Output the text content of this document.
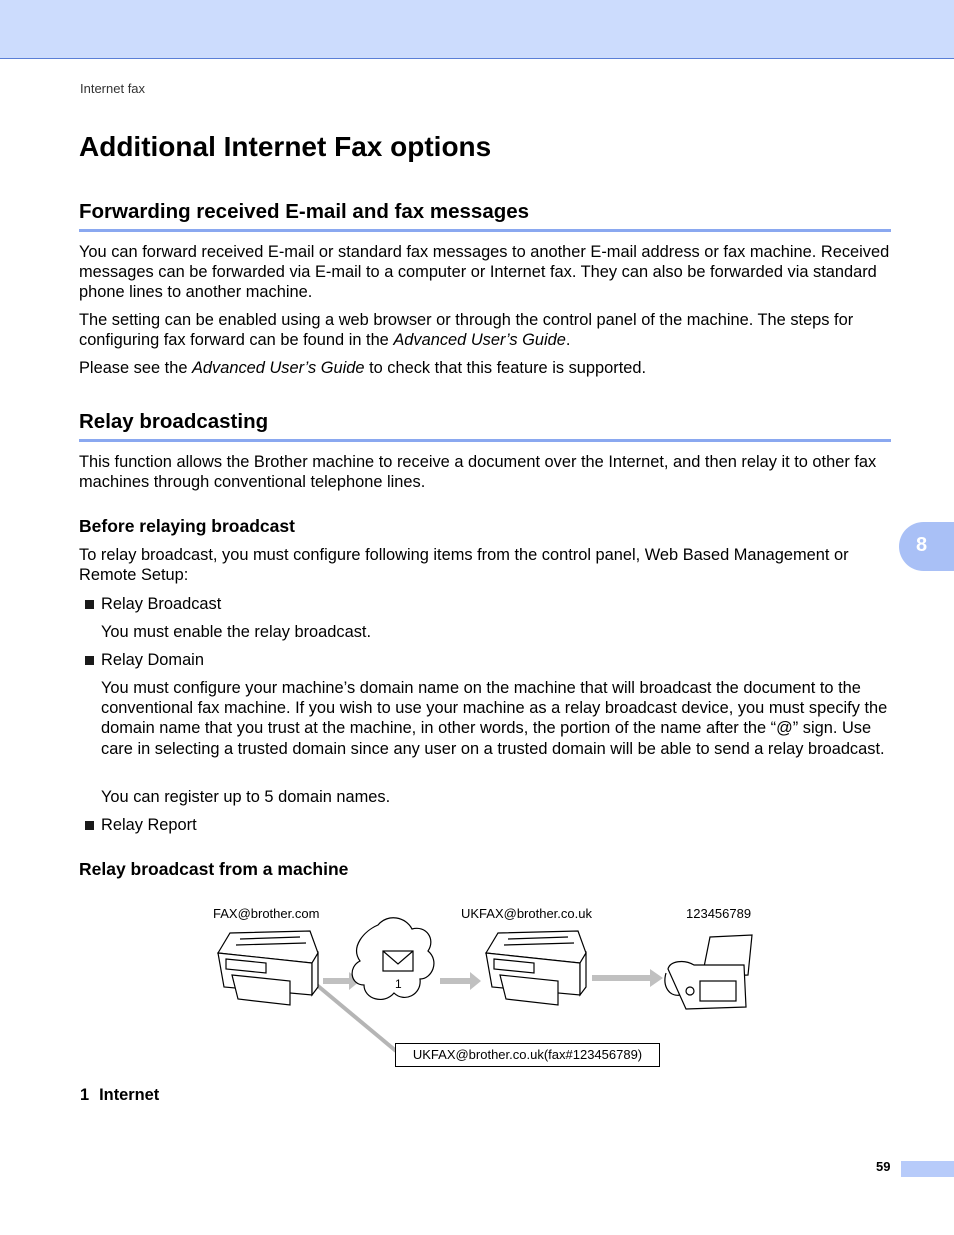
Internet fax
8
Additional Internet Fax options
Forwarding received E-mail and fax messages

You can forward received E-mail or standard fax messages to another E-mail address or fax machine. Received messages can be forwarded via E-mail to a computer or Internet fax. They can also be forwarded via standard phone lines to another machine.

The setting can be enabled using a web browser or through the control panel of the machine. The steps for configuring fax forward can be found in the Advanced User’s Guide.

Please see the Advanced User’s Guide to check that this feature is supported.

Relay broadcasting

This function allows the Brother machine to receive a document over the Internet, and then relay it to other fax machines through conventional telephone lines.

Before relaying broadcast

To relay broadcast, you must configure following items from the control panel, Web Based Management or Remote Setup:

Relay Broadcast

You must enable the relay broadcast.

Relay Domain

You must configure your machine’s domain name on the machine that will broadcast the document to the conventional fax machine. If you wish to use your machine as a relay broadcast device, you must specify the domain name that you trust at the machine, in other words, the portion of the name after the “@” sign. Use care in selecting a trusted domain since any user on a trusted domain will be able to send a relay broadcast.

You can register up to 5 domain names.

Relay Report
Relay broadcast from a machine
FAX@brother.com	UKFAX@brother.co.uk	123456789
1
UKFAX@brother.co.uk(fax#123456789)
1 Internet
59
